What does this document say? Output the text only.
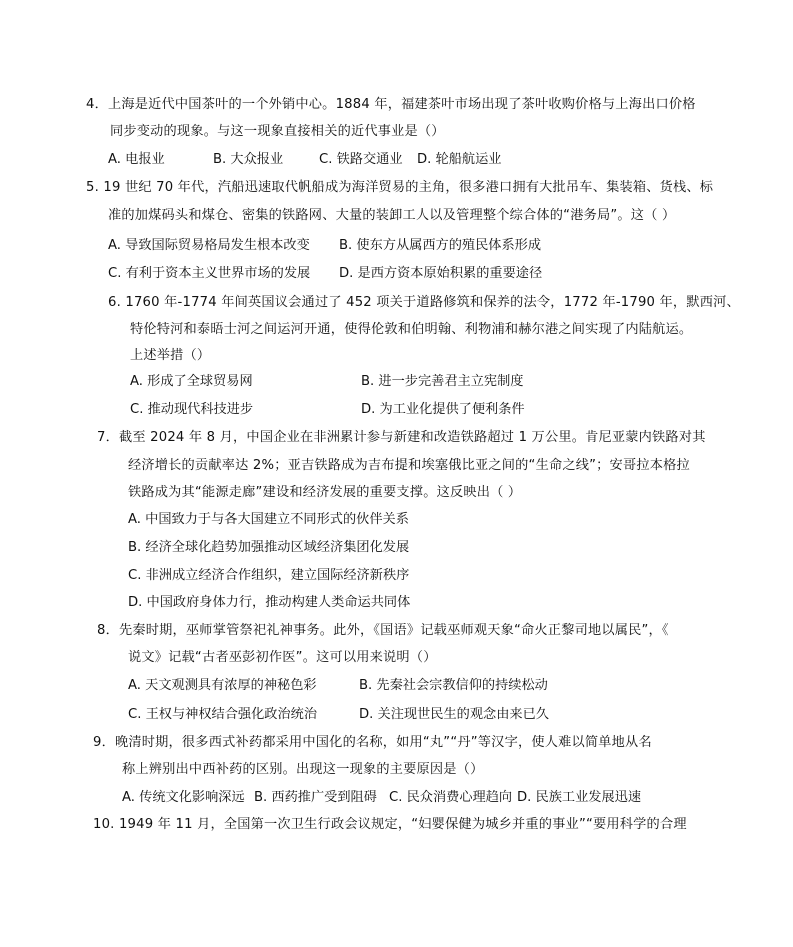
4．上海是近代中国茶叶的一个外销中心。1884 年，福建茶叶市场出现了茶叶收购价格与上海出口价格
同步变动的现象。与这一现象直接相关的近代事业是（）
A. 电报业	B. 大众报业	C. 铁路交通业 D. 轮船航运业
5. 19 世纪 70 年代，汽船迅速取代帆船成为海洋贸易的主角，很多港口拥有大批吊车、集装箱、货栈、标
准的加煤码头和煤仓、密集的铁路网、大量的装卸工人以及管理整个综合体的“港务局”。这（ ）
A. 导致国际贸易格局发生根本改变 B. 使东方从属西方的殖民体系形成
C. 有利于资本主义世界市场的发展 D. 是西方资本原始积累的重要途径
6. 1760 年-1774 年间英国议会通过了 452 项关于道路修筑和保养的法令，1772 年-1790 年，默西河、
特伦特河和泰晤士河之间运河开通，使得伦敦和伯明翰、利物浦和赫尔港之间实现了内陆航运。
上述举措（）
A. 形成了全球贸易网	B. 进一步完善君主立宪制度
C. 推动现代科技进步	D. 为工业化提供了便利条件
7．截至 2024 年 8 月，中国企业在非洲累计参与新建和改造铁路超过 1 万公里。肯尼亚蒙内铁路对其
经济增长的贡献率达 2%；亚吉铁路成为吉布提和埃塞俄比亚之间的“生命之线”；安哥拉本格拉
铁路成为其“能源走廊”建设和经济发展的重要支撑。这反映出（ ）
A. 中国致力于与各大国建立不同形式的伙伴关系
B. 经济全球化趋势加强推动区域经济集团化发展
C. 非洲成立经济合作组织，建立国际经济新秩序
D. 中国政府身体力行，推动构建人类命运共同体
8．先秦时期，巫师掌管祭祀礼神事务。此外，《国语》记载巫师观天象“命火正黎司地以属民”，《
说文》记载“古者巫彭初作医”。这可以用来说明（）
A. 天文观测具有浓厚的神秘色彩	B. 先秦社会宗教信仰的持续松动
C. 王权与神权结合强化政治统治	D. 关注现世民生的观念由来已久
9．晚清时期，很多西式补药都采用中国化的名称，如用“丸”“丹”等汉字，使人难以简单地从名
称上辨别出中西补药的区别。出现这一现象的主要原因是（）
A. 传统文化影响深远 B. 西药推广受到阻碍 C. 民众消费心理趋向 D. 民族工业发展迅速
10. 1949 年 11 月，全国第一次卫生行政会议规定，“妇婴保健为城乡并重的事业”“要用科学的合理
